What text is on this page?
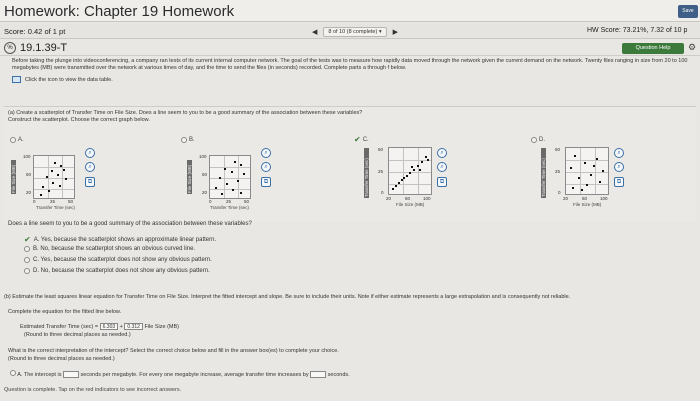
Homework: Chapter 19 Homework	Save
Score: 0.42 of 1 pt	◀	8 of 10 (8 complete) ▾	▶	HW Score: 73.21%, 7.32 of 10 p
% 19.1.39-T	Question Help	⚙
Before taking the plunge into videoconferencing, a company ran tests of its current internal computer network. The goal of the tests was to measure how rapidly data moved through the network given the current demand on the network. Twenty files ranging in size from 20 to 100 megabytes (MB) were transmitted over the network at various times of day, and the time to send the files (in seconds) recorded. Complete parts a through f below.
Click the icon to view the data table.
(a) Create a scatterplot of Transfer Time on File Size. Does a line seem to you to be a good summary of the association between these variables?
Construct the scatterplot. Choose the correct graph below.
A.	B.	✔ C.	D.
File Size (MB)
100
60
20
0	25	50
Transfer Time (sec)
⌕
⌕
⧉	File Size (MB)
100
60
20
0	25	50
Transfer Time (sec)
⌕
⌕
⧉	Transfer Time (sec)
50
25
0
20	60	100
File Size (MB)
⌕
⌕
⧉	Transfer Time (sec)
50
25
0
20	60	100
File Size (MB)
⌕
⌕
⧉
Does a line seem to you to be a good summary of the association between these variables?
✔ A. Yes, because the scatterplot shows an approximate linear pattern.
B. No, because the scatterplot shows an obvious curved line.
C. Yes, because the scatterplot does not show any obvious pattern.
D. No, because the scatterplot does not show any obvious pattern.
(b) Estimate the least squares linear equation for Transfer Time on File Size. Interpret the fitted intercept and slope. Be sure to include their units. Note if either estimate represents a large extrapolation and is consequently not reliable.
Complete the equation for the fitted line below.
Estimated Transfer Time (sec) = 6.303 + 0.312 File Size (MB)
(Round to three decimal places as needed.)
What is the correct interpretation of the intercept? Select the correct choice below and fill in the answer box(es) to complete your choice.
(Round to three decimal places as needed.)
A. The intercept is	seconds per megabyte. For every one megabyte increase, average transfer time increases by	seconds.
Question is complete. Tap on the red indicators to see incorrect answers.
